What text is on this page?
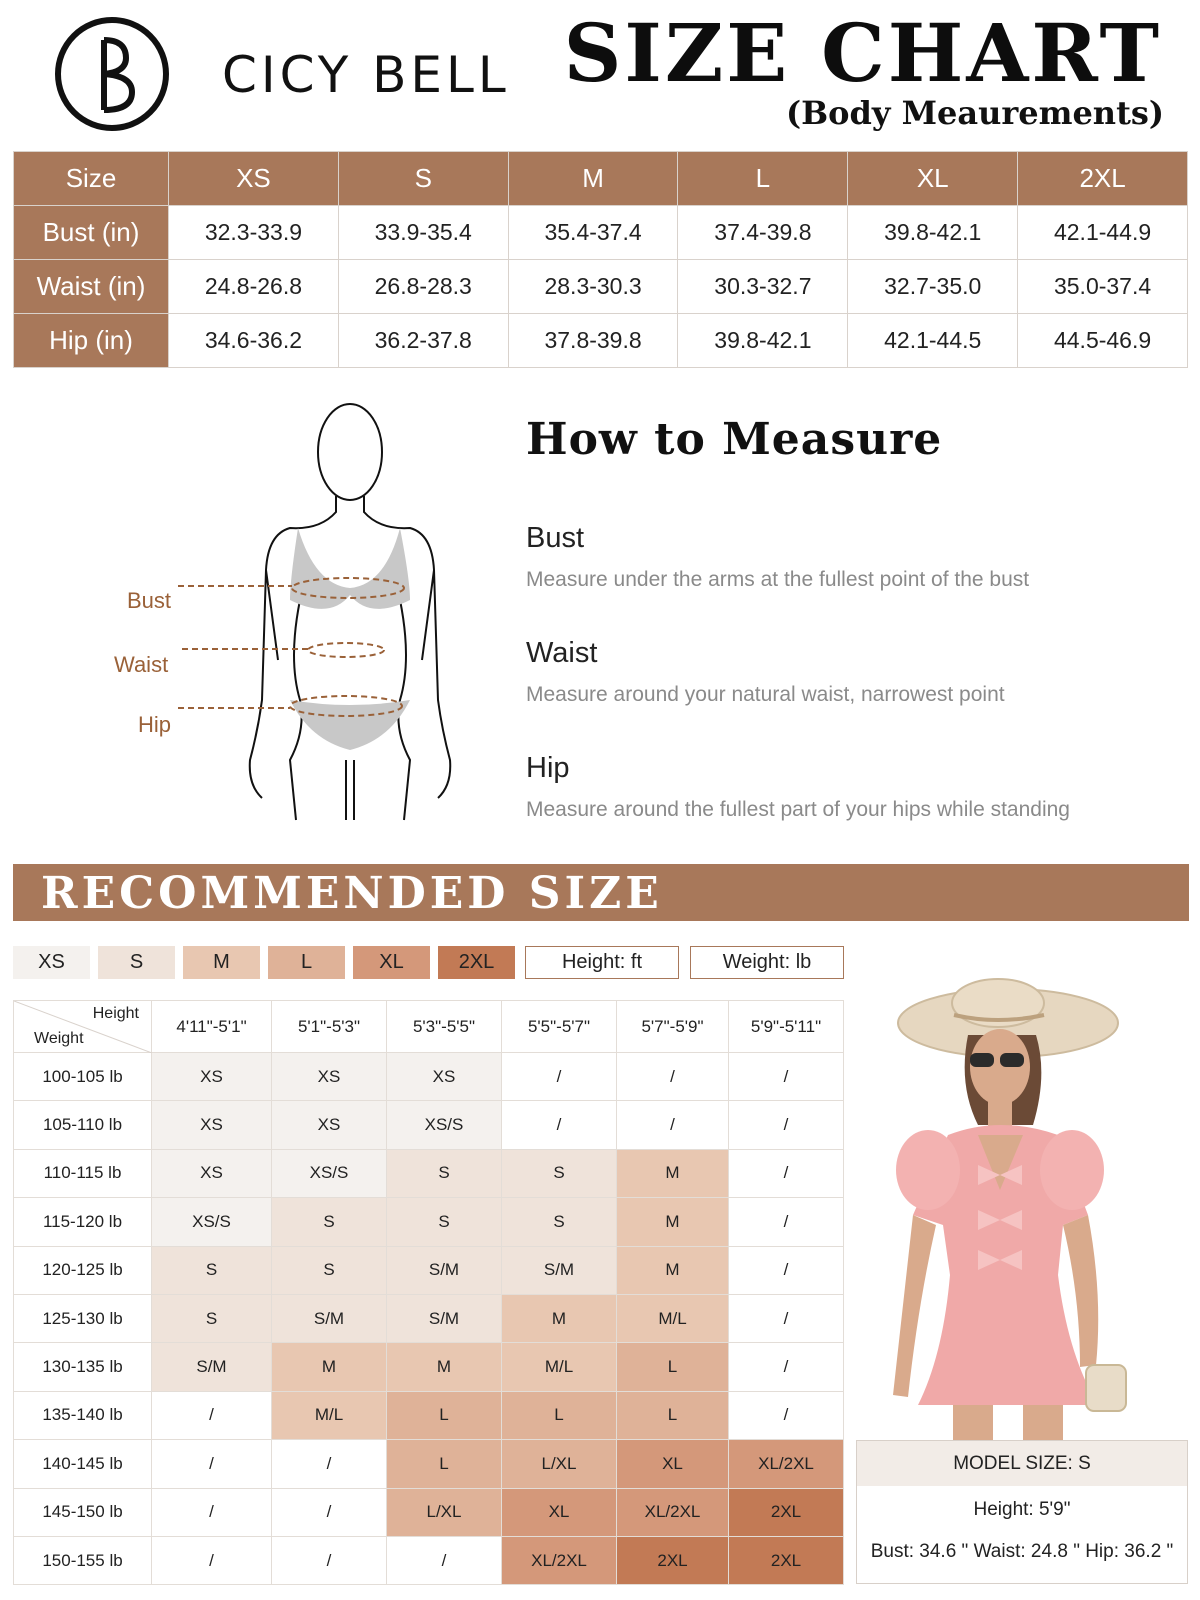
CICY BELL SIZE CHART
(Body Meaurements)
Size	XS	S	M	L	XL	2XL
Bust (in)	32.3-33.9	33.9-35.4	35.4-37.4	37.4-39.8	39.8-42.1	42.1-44.9
Waist (in)	24.8-26.8	26.8-28.3	28.3-30.3	30.3-32.7	32.7-35.0	35.0-37.4
Hip (in)	34.6-36.2	36.2-37.8	37.8-39.8	39.8-42.1	42.1-44.5	44.5-46.9
Bust
Waist
Hip
How to Measure
Bust
Measure under the arms at the fullest point of the bust
Waist
Measure around your natural waist, narrowest point
Hip
Measure around the fullest part of your hips while standing
RECOMMENDED SIZE
XS	S	M	L	XL	2XL	Height: ft	Weight: lb
Height
Weight	4'11"-5'1"	5'1"-5'3"	5'3"-5'5"	5'5"-5'7"	5'7"-5'9"	5'9"-5'11"
100-105 lb	XS	XS	XS	/	/	/
105-110 lb	XS	XS	XS/S	/	/	/
110-115 lb	XS	XS/S	S	S	M	/
115-120 lb	XS/S	S	S	S	M	/
120-125 lb	S	S	S/M	S/M	M	/
125-130 lb	S	S/M	S/M	M	M/L	/
130-135 lb	S/M	M	M	M/L	L	/
135-140 lb	/	M/L	L	L	L	/
140-145 lb	/	/	L	L/XL	XL	XL/2XL
145-150 lb	/	/	L/XL	XL	XL/2XL	2XL
150-155 lb	/	/	/	XL/2XL	2XL	2XL
MODEL SIZE: S
Height: 5'9"
Bust: 34.6 " Waist: 24.8 " Hip: 36.2 "
